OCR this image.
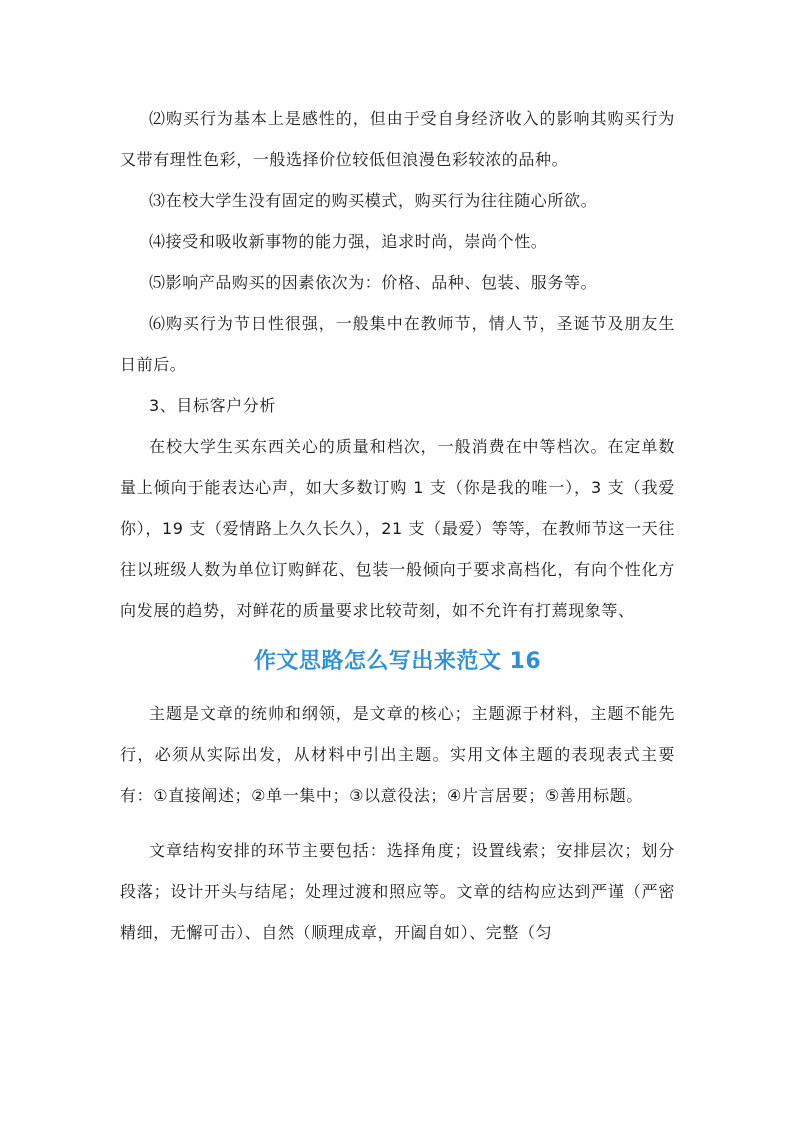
⑵购买行为基本上是感性的，但由于受自身经济收入的影响其购买行为又带有理性色彩，一般选择价位较低但浪漫色彩较浓的品种。

⑶在校大学生没有固定的购买模式，购买行为往往随心所欲。

⑷接受和吸收新事物的能力强，追求时尚，崇尚个性。

⑸影响产品购买的因素依次为：价格、品种、包装、服务等。

⑹购买行为节日性很强，一般集中在教师节，情人节，圣诞节及朋友生日前后。

3、目标客户分析

在校大学生买东西关心的质量和档次，一般消费在中等档次。在定单数量上倾向于能表达心声，如大多数订购 1 支（你是我的唯一），3 支（我爱你），19 支（爱情路上久久长久），21 支（最爱）等等，在教师节这一天往往以班级人数为单位订购鲜花、包装一般倾向于要求高档化，有向个性化方向发展的趋势，对鲜花的质量要求比较苛刻，如不允许有打蔫现象等、

作文思路怎么写出来范文 16

主题是文章的统帅和纲领，是文章的核心；主题源于材料，主题不能先行，必须从实际出发，从材料中引出主题。实用文体主题的表现表式主要有：①直接阐述；②单一集中；③以意役法；④片言居要；⑤善用标题。

文章结构安排的环节主要包括：选择角度；设置线索；安排层次；划分段落；设计开头与结尾；处理过渡和照应等。文章的结构应达到严谨（严密精细，无懈可击）、自然（顺理成章，开阖自如）、完整（匀
